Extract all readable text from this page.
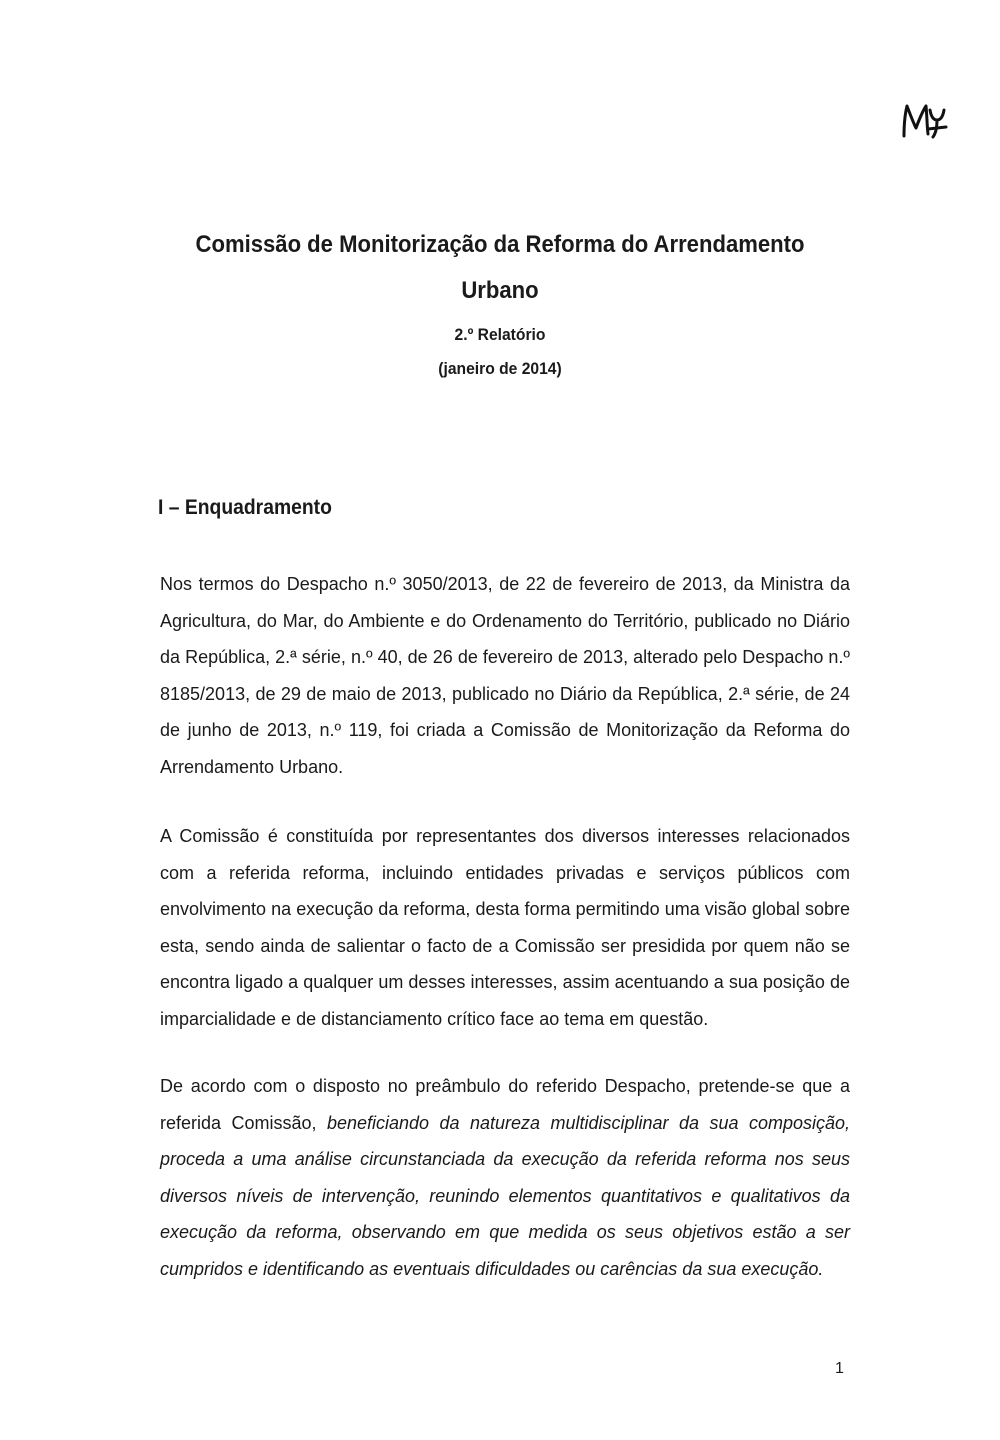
Comissão de Monitorização da Reforma do Arrendamento
Urbano
2.º Relatório
(janeiro de 2014)
I – Enquadramento

Nos termos do Despacho n.º 3050/2013, de 22 de fevereiro de 2013, da Ministra da Agricultura, do Mar, do Ambiente e do Ordenamento do Território, publicado no Diário da República, 2.ª série, n.º 40, de 26 de fevereiro de 2013, alterado pelo Despacho n.º 8185/2013, de 29 de maio de 2013, publicado no Diário da República, 2.ª série, de 24 de junho de 2013, n.º 119, foi criada a Comissão de Monitorização da Reforma do Arrendamento Urbano.

A Comissão é constituída por representantes dos diversos interesses relacionados com a referida reforma, incluindo entidades privadas e serviços públicos com envolvimento na execução da reforma, desta forma permitindo uma visão global sobre esta, sendo ainda de salientar o facto de a Comissão ser presidida por quem não se encontra ligado a qualquer um desses interesses, assim acentuando a sua posição de imparcialidade e de distanciamento crítico face ao tema em questão.

De acordo com o disposto no preâmbulo do referido Despacho, pretende-se que a referida Comissão, beneficiando da natureza multidisciplinar da sua composição, proceda a uma análise circunstanciada da execução da referida reforma nos seus diversos níveis de intervenção, reunindo elementos quantitativos e qualitativos da execução da reforma, observando em que medida os seus objetivos estão a ser cumpridos e identificando as eventuais dificuldades ou carências da sua execução.

1
